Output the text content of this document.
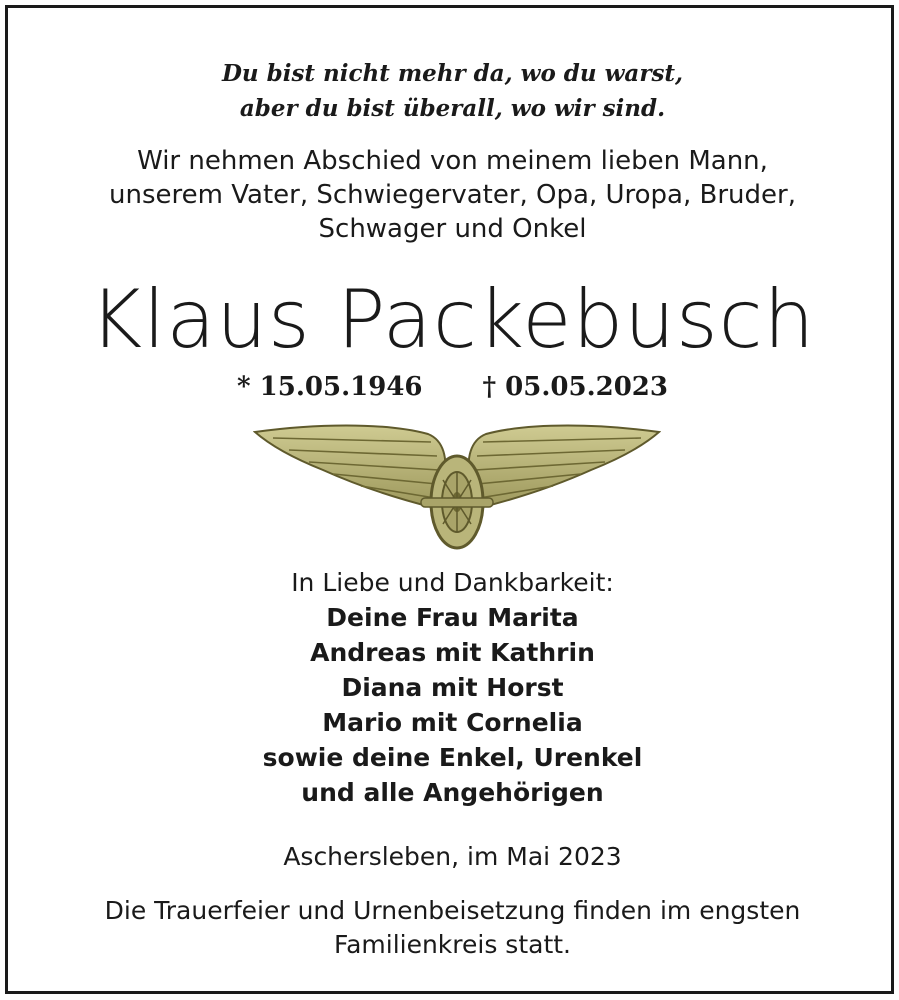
Du bist nicht mehr da, wo du warst,
aber du bist überall, wo wir sind.
Wir nehmen Abschied von meinem lieben Mann,
unserem Vater, Schwiegervater, Opa, Uropa, Bruder,
Schwager und Onkel
Klaus Packebusch
* 15.05.1946 † 05.05.2023
In Liebe und Dankbarkeit:
Deine Frau Marita
Andreas mit Kathrin
Diana mit Horst
Mario mit Cornelia
sowie deine Enkel, Urenkel
und alle Angehörigen
Aschersleben, im Mai 2023
Die Trauerfeier und Urnenbeisetzung finden im engsten
Familienkreis statt.
